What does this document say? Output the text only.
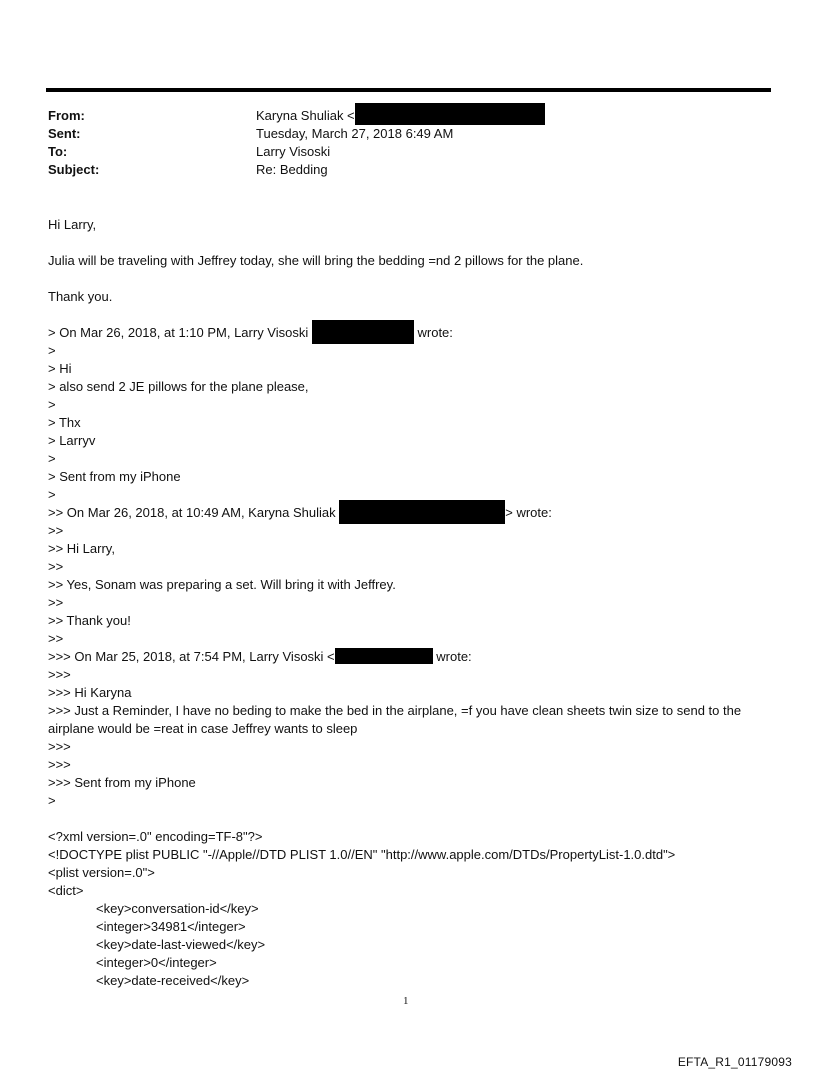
From:	Karyna Shuliak <
Sent:	Tuesday, March 27, 2018 6:49 AM
To:	Larry Visoski
Subject:	Re: Bedding
Hi Larry,
Julia will be traveling with Jeffrey today, she will bring the bedding =nd 2 pillows for the plane.
Thank you.
> On Mar 26, 2018, at 1:10 PM, Larry Visoski	wrote:
>
> Hi
> also send 2 JE pillows for the plane please,
>
> Thx
> Larryv
>
> Sent from my iPhone
>
>> On Mar 26, 2018, at 10:49 AM, Karyna Shuliak	> wrote:
>>
>> Hi Larry,
>>
>> Yes, Sonam was preparing a set. Will bring it with Jeffrey.
>>
>> Thank you!
>>
>>> On Mar 25, 2018, at 7:54 PM, Larry Visoski <	wrote:
>>>
>>> Hi Karyna
>>> Just a Reminder, I have no beding to make the bed in the airplane, =f you have clean sheets twin size to send to the airplane would be =reat in case Jeffrey wants to sleep
>>>
>>>
>>> Sent from my iPhone
>
<?xml version=.0" encoding=TF-8"?>
<!DOCTYPE plist PUBLIC "-//Apple//DTD PLIST 1.0//EN" "http://www.apple.com/DTDs/PropertyList-1.0.dtd">
<plist version=.0">
<dict>
<key>conversation-id</key>
<integer>34981</integer>
<key>date-last-viewed</key>
<integer>0</integer>
<key>date-received</key>
1
EFTA_R1_01179093
